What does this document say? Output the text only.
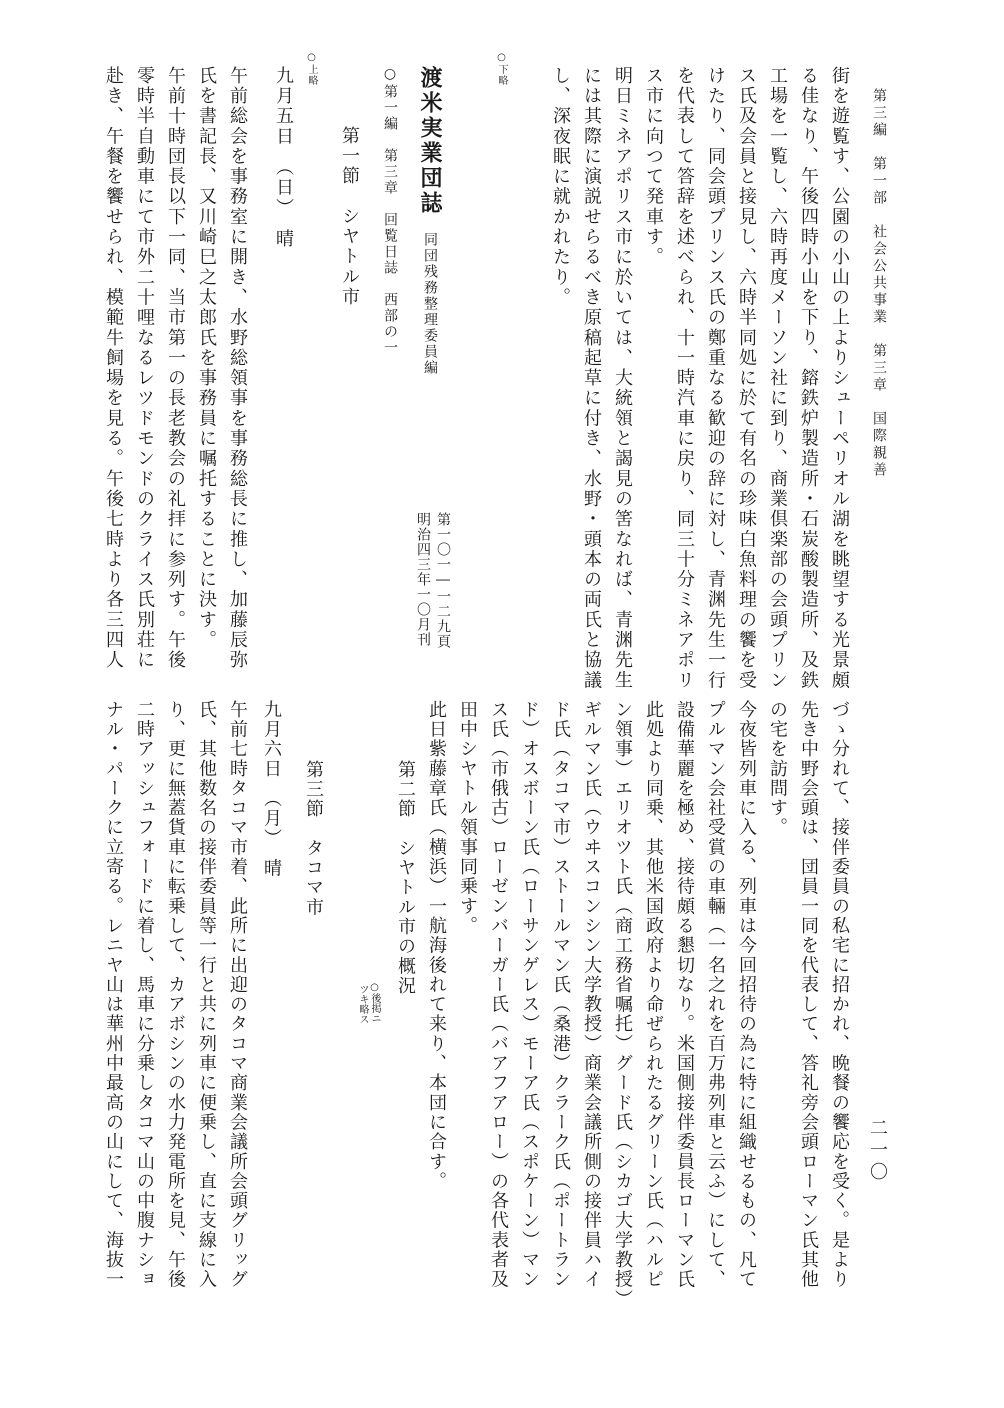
第三編　第一部　社会公共事業　第三章　国際親善
二一〇
街を遊覧す、公園の小山の上よりシューペリオル湖を眺望する光景頗
る佳なり、午後四時小山を下り、鎔鉄炉製造所・石炭酸製造所、及鉄
工場を一覧し、六時再度メーソン社に到り、商業倶楽部の会頭プリン
ス氏及会員と接見し、六時半同処に於て有名の珍味白魚料理の饗を受
けたり、同会頭プリンス氏の鄭重なる歓迎の辞に対し、青渊先生一行
を代表して答辞を述べられ、十一時汽車に戻り、同三十分ミネアポリ
ス市に向つて発車す。
明日ミネアポリス市に於いては、大統領と謁見の筈なれば、青渊先生
には其際に演説せらるべき原稿起草に付き、水野・頭本の両氏と協議
し、深夜眠に就かれたり。
○下略
渡米実業団誌
同団残務整理委員編
第一〇一―一二九頁
明治四三年一〇月刊
○第一編　第三章　回覧日誌　西部の一
第一節　シヤトル市
○上略
九月五日　（日）　晴
午前総会を事務室に開き、水野総領事を事務総長に推し、加藤辰弥
氏を書記長、又川崎巳之太郎氏を事務員に嘱托することに決す。
午前十時団長以下一同、当市第一の長老教会の礼拝に参列す。午後
零時半自動車にて市外二十哩なるレツドモンドのクライス氏別荘に
赴き、午餐を饗せられ、模範牛飼場を見る。午後七時より各三四人
づゝ分れて、接伴委員の私宅に招かれ、晩餐の饗応を受く。是より
先き中野会頭は、団員一同を代表して、答礼旁会頭ローマン氏其他
の宅を訪問す。
今夜皆列車に入る、列車は今回招待の為に特に組織せるもの、凡て
プルマン会社受賞の車輛（一名之れを百万弗列車と云ふ）にして、
設備華麗を極め、接待頗る懇切なり。米国側接伴委員長ローマン氏
此処より同乗、其他米国政府より命ぜられたるグリーン氏（ハルピ
ン領事）エリオツト氏（商工務省嘱托）グード氏（シカゴ大学教授）
ギルマン氏（ウヰスコンシン大学教授）商業会議所側の接伴員ハイ
ド氏（タコマ市）ストールマン氏（桑港）クラーク氏（ポートラン
ド）オスボーン氏（ローサンゲレス）モーア氏（スポケーン）マン
ス氏（市俄古）ローゼンバーガー氏（バアフアロー）の各代表者及
田中シヤトル領事同乗す。
此日紫藤章氏（横浜）一航海後れて来り、本団に合す。
第二節　シヤトル市の概況
○後掲ニ
ツキ略ス
第三節　タコマ市
九月六日　（月）　晴
午前七時タコマ市着、此所に出迎のタコマ商業会議所会頭グリッグ
氏、其他数名の接伴委員等一行と共に列車に便乗し、直に支線に入
り、更に無蓋貨車に転乗して、カアボシンの水力発電所を見、午後
二時アッシュフォードに着し、馬車に分乗しタコマ山の中腹ナショ
ナル・パークに立寄る。レニヤ山は華州中最高の山にして、海抜一
